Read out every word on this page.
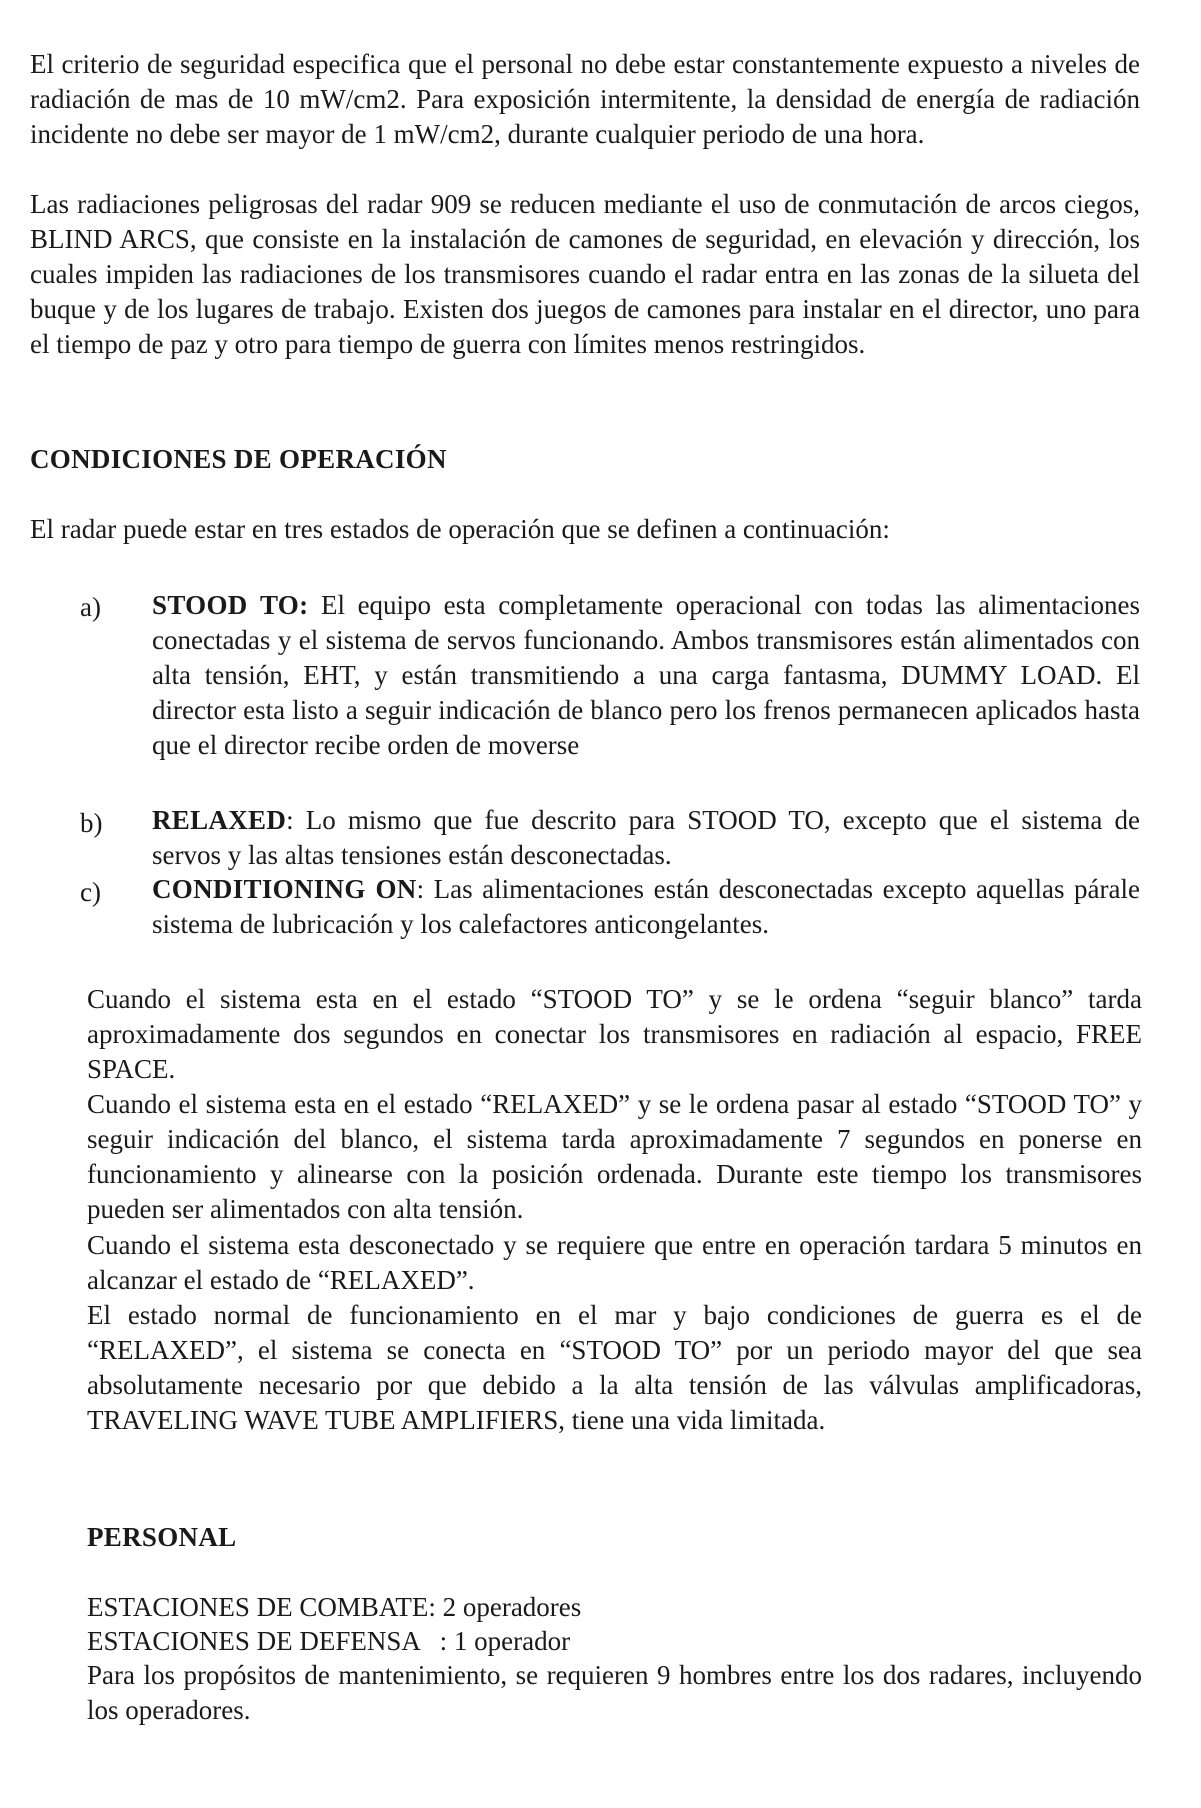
El criterio de seguridad especifica que el personal no debe estar constantemente expuesto a niveles de radiación de mas de 10 mW/cm2. Para exposición intermitente, la densidad de energía de radiación incidente no debe ser mayor de 1 mW/cm2, durante cualquier periodo de una hora.

Las radiaciones peligrosas del radar 909 se reducen mediante el uso de conmutación de arcos ciegos, BLIND ARCS, que consiste en la instalación de camones de seguridad, en elevación y dirección, los cuales impiden las radiaciones de los transmisores cuando el radar entra en las zonas de la silueta del buque y de los lugares de trabajo. Existen dos juegos de camones para instalar en el director, uno para el tiempo de paz y otro para tiempo de guerra con límites menos restringidos.

CONDICIONES DE OPERACIÓN

El radar puede estar en tres estados de operación que se definen a continuación:

a) STOOD TO: El equipo esta completamente operacional con todas las alimentaciones conectadas y el sistema de servos funcionando. Ambos transmisores están alimentados con alta tensión, EHT, y están transmitiendo a una carga fantasma, DUMMY LOAD. El director esta listo a seguir indicación de blanco pero los frenos permanecen aplicados hasta que el director recibe orden de moverse

b) RELAXED: Lo mismo que fue descrito para STOOD TO, excepto que el sistema de servos y las altas tensiones están desconectadas.

c) CONDITIONING ON: Las alimentaciones están desconectadas excepto aquellas párale sistema de lubricación y los calefactores anticongelantes.

Cuando el sistema esta en el estado “STOOD TO” y se le ordena “seguir blanco” tarda aproximadamente dos segundos en conectar los transmisores en radiación al espacio, FREE SPACE.

Cuando el sistema esta en el estado “RELAXED” y se le ordena pasar al estado “STOOD TO” y seguir indicación del blanco, el sistema tarda aproximadamente 7 segundos en ponerse en funcionamiento y alinearse con la posición ordenada. Durante este tiempo los transmisores pueden ser alimentados con alta tensión.

Cuando el sistema esta desconectado y se requiere que entre en operación tardara 5 minutos en alcanzar el estado de “RELAXED”.

El estado normal de funcionamiento en el mar y bajo condiciones de guerra es el de “RELAXED”, el sistema se conecta en “STOOD TO” por un periodo mayor del que sea absolutamente necesario por que debido a la alta tensión de las válvulas amplificadoras, TRAVELING WAVE TUBE AMPLIFIERS, tiene una vida limitada.

PERSONAL

ESTACIONES DE COMBATE: 2 operadores

ESTACIONES DE DEFENSA   : 1 operador

Para los propósitos de mantenimiento, se requieren 9 hombres entre los dos radares, incluyendo los operadores.
